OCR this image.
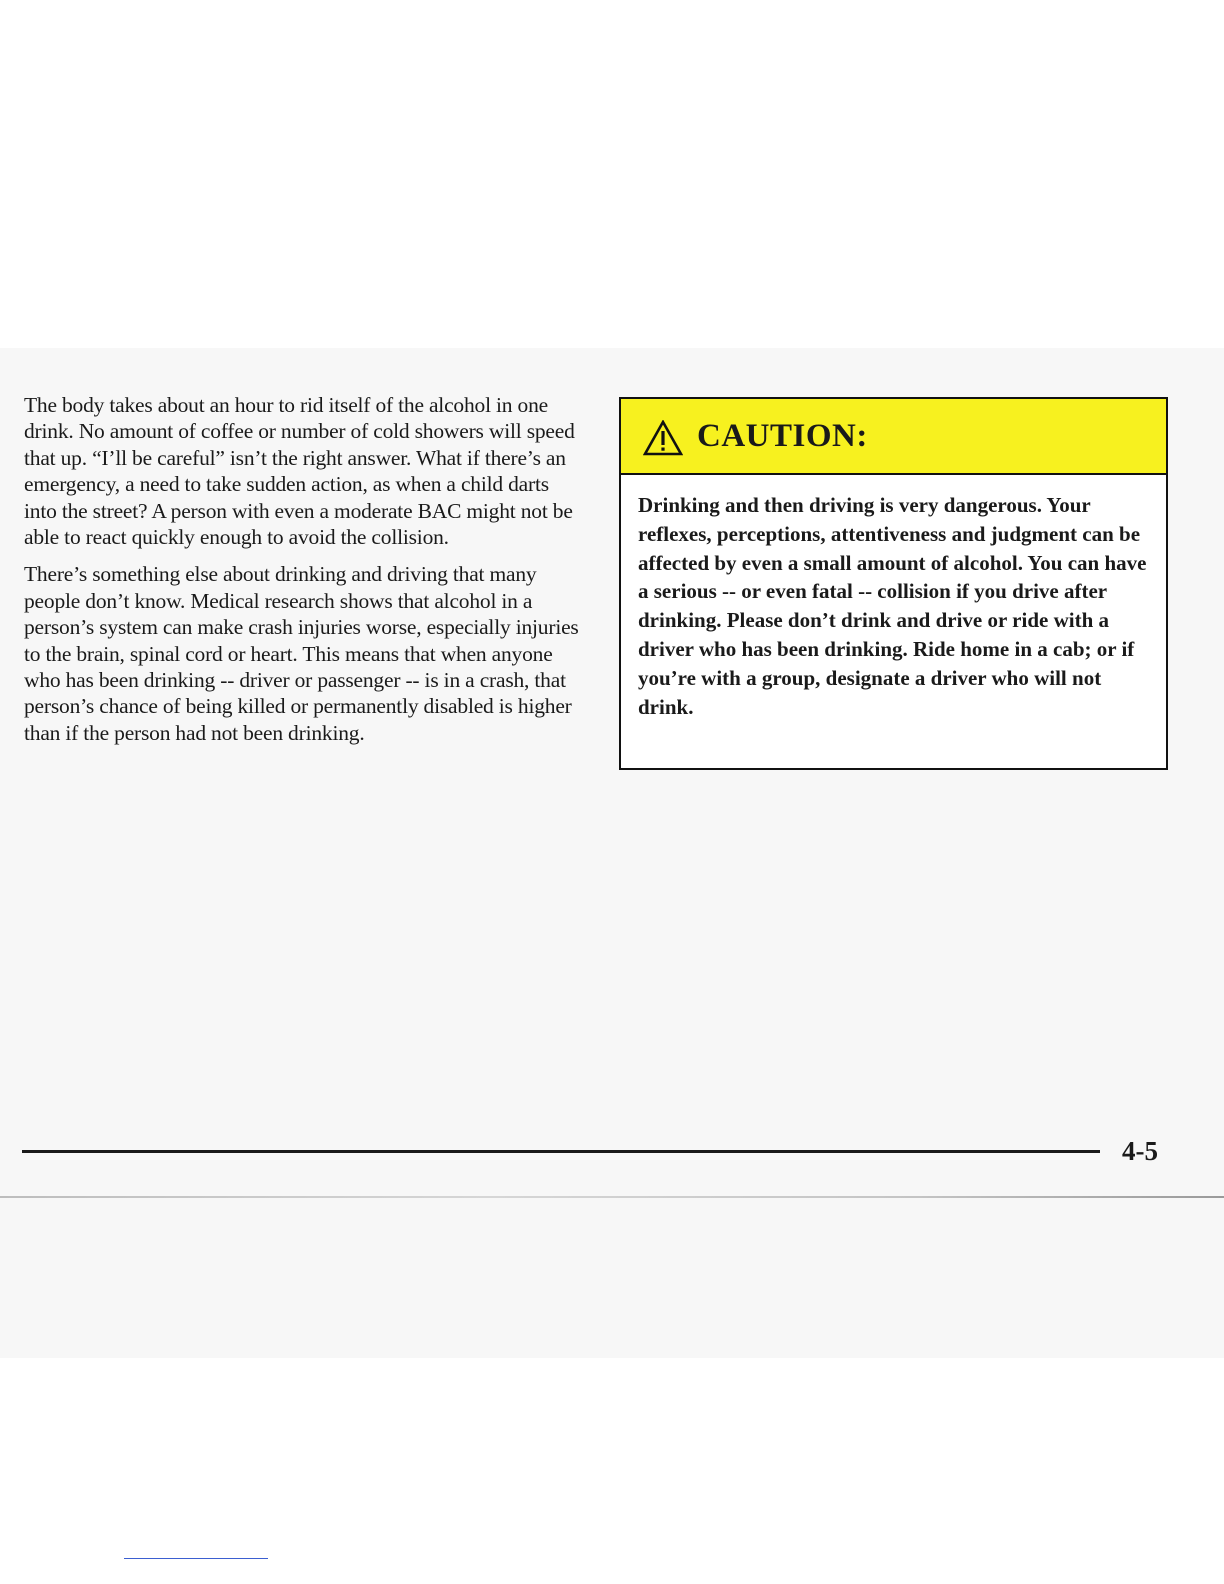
The body takes about an hour to rid itself of the alcohol in one drink. No amount of coffee or number of cold showers will speed that up. “I’ll be careful” isn’t the right answer. What if there’s an emergency, a need to take sudden action, as when a child darts into the street? A person with even a moderate BAC might not be able to react quickly enough to avoid the collision.

There’s something else about drinking and driving that many people don’t know. Medical research shows that alcohol in a person’s system can make crash injuries worse, especially injuries to the brain, spinal cord or heart. This means that when anyone who has been drinking -- driver or passenger -- is in a crash, that person’s chance of being killed or permanently disabled is higher than if the person had not been drinking.

CAUTION:
Drinking and then driving is very dangerous. Your reflexes, perceptions, attentiveness and judgment can be affected by even a small amount of alcohol. You can have a serious -- or even fatal -- collision if you drive after drinking. Please don’t drink and drive or ride with a driver who has been drinking. Ride home in a cab; or if you’re with a group, designate a driver who will not drink.
4-5
